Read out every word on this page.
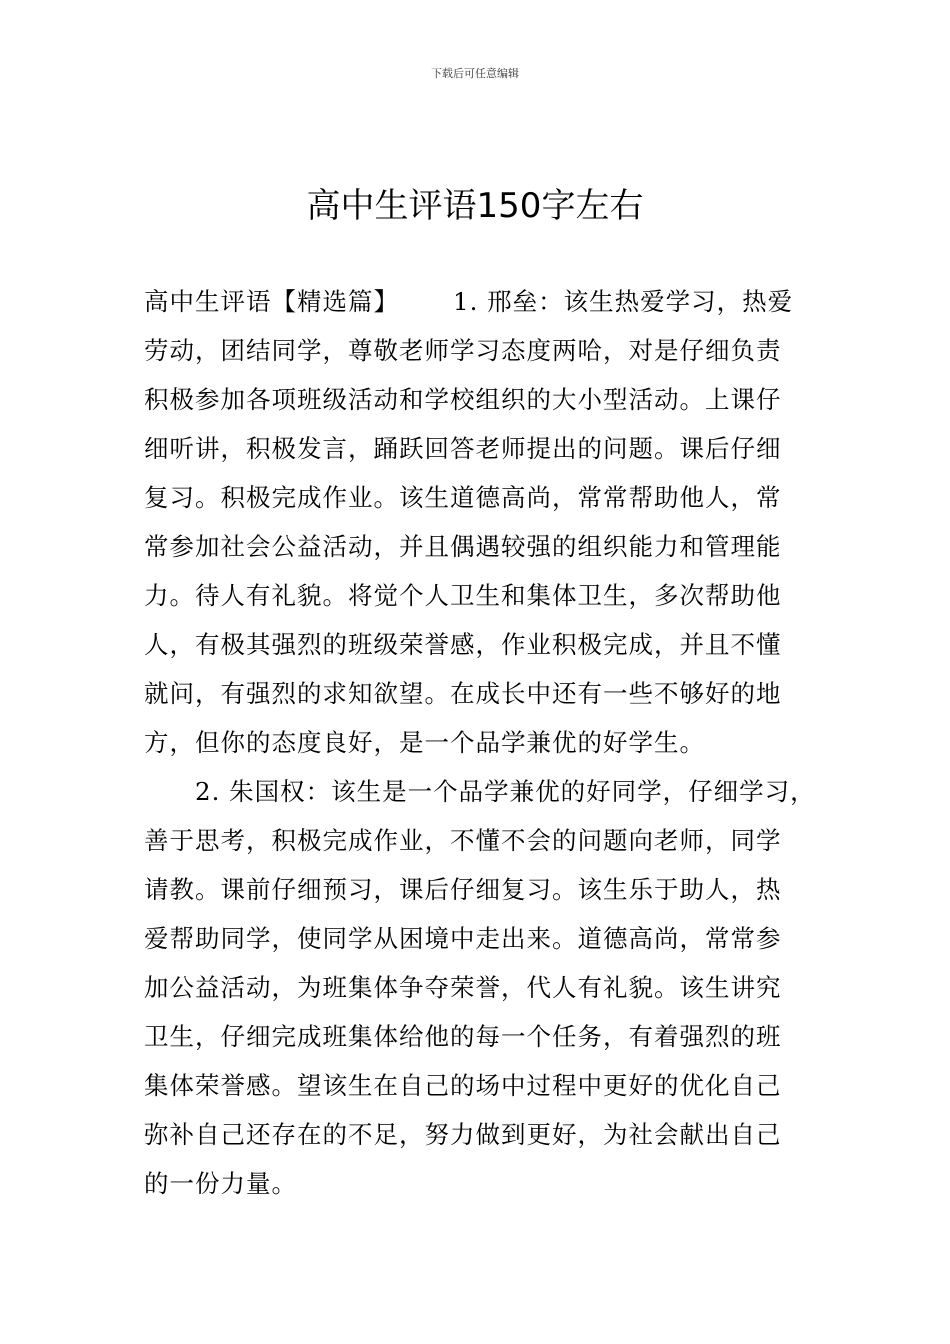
下载后可任意编辑
高中生评语150字左右
高中生评语【精选篇】 1. 邢垒：该生热爱学习，热爱
劳动，团结同学，尊敬老师学习态度两哈，对是仔细负责
积极参加各项班级活动和学校组织的大小型活动。上课仔
细听讲，积极发言，踊跃回答老师提出的问题。课后仔细
复习。积极完成作业。该生道德高尚，常常帮助他人，常
常参加社会公益活动，并且偶遇较强的组织能力和管理能
力。待人有礼貌。将觉个人卫生和集体卫生，多次帮助他
人，有极其强烈的班级荣誉感，作业积极完成，并且不懂
就问，有强烈的求知欲望。在成长中还有一些不够好的地
方，但你的态度良好，是一个品学兼优的好学生。
　　2. 朱国权：该生是一个品学兼优的好同学，仔细学习，
善于思考，积极完成作业，不懂不会的问题向老师，同学
请教。课前仔细预习，课后仔细复习。该生乐于助人，热
爱帮助同学，使同学从困境中走出来。道德高尚，常常参
加公益活动，为班集体争夺荣誉，代人有礼貌。该生讲究
卫生，仔细完成班集体给他的每一个任务，有着强烈的班
集体荣誉感。望该生在自己的场中过程中更好的优化自己
弥补自己还存在的不足，努力做到更好，为社会献出自己
的一份力量。
